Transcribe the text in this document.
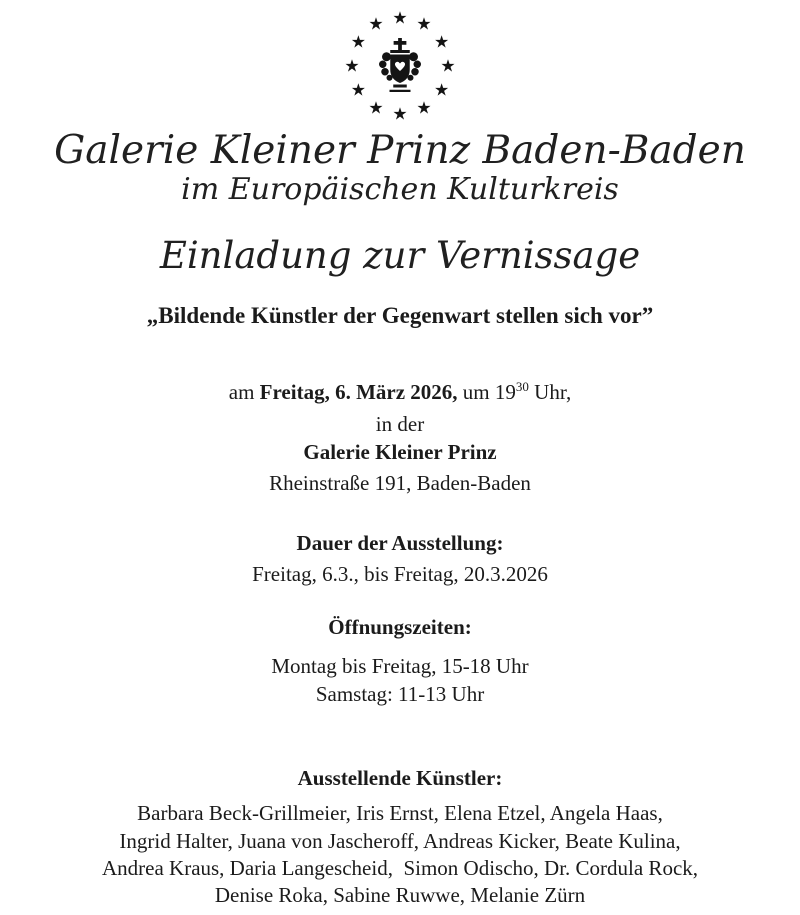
★ ★
★
★
★
★
★
★
★
★
★
★
Galerie Kleiner Prinz Baden-Baden
im Europäischen Kulturkreis
Einladung zur Vernissage
„Bildende Künstler der Gegenwart stellen sich vor”
am Freitag, 6. März 2026, um $19^{30}$ Uhr,
in der
Galerie Kleiner Prinz
Rheinstraße 191, Baden-Baden
Dauer der Ausstellung:
Freitag, 6.3., bis Freitag, 20.3.2026
Öffnungszeiten:
Montag bis Freitag, 15-18 Uhr
Samstag: 11-13 Uhr
Ausstellende Künstler:
Barbara Beck-Grillmeier, Iris Ernst, Elena Etzel, Angela Haas,
Ingrid Halter, Juana von Jascheroff, Andreas Kicker, Beate Kulina,
Andrea Kraus, Daria Langescheid,  Simon Odischo, Dr. Cordula Rock,
Denise Roka, Sabine Ruwwe, Melanie Zürn
